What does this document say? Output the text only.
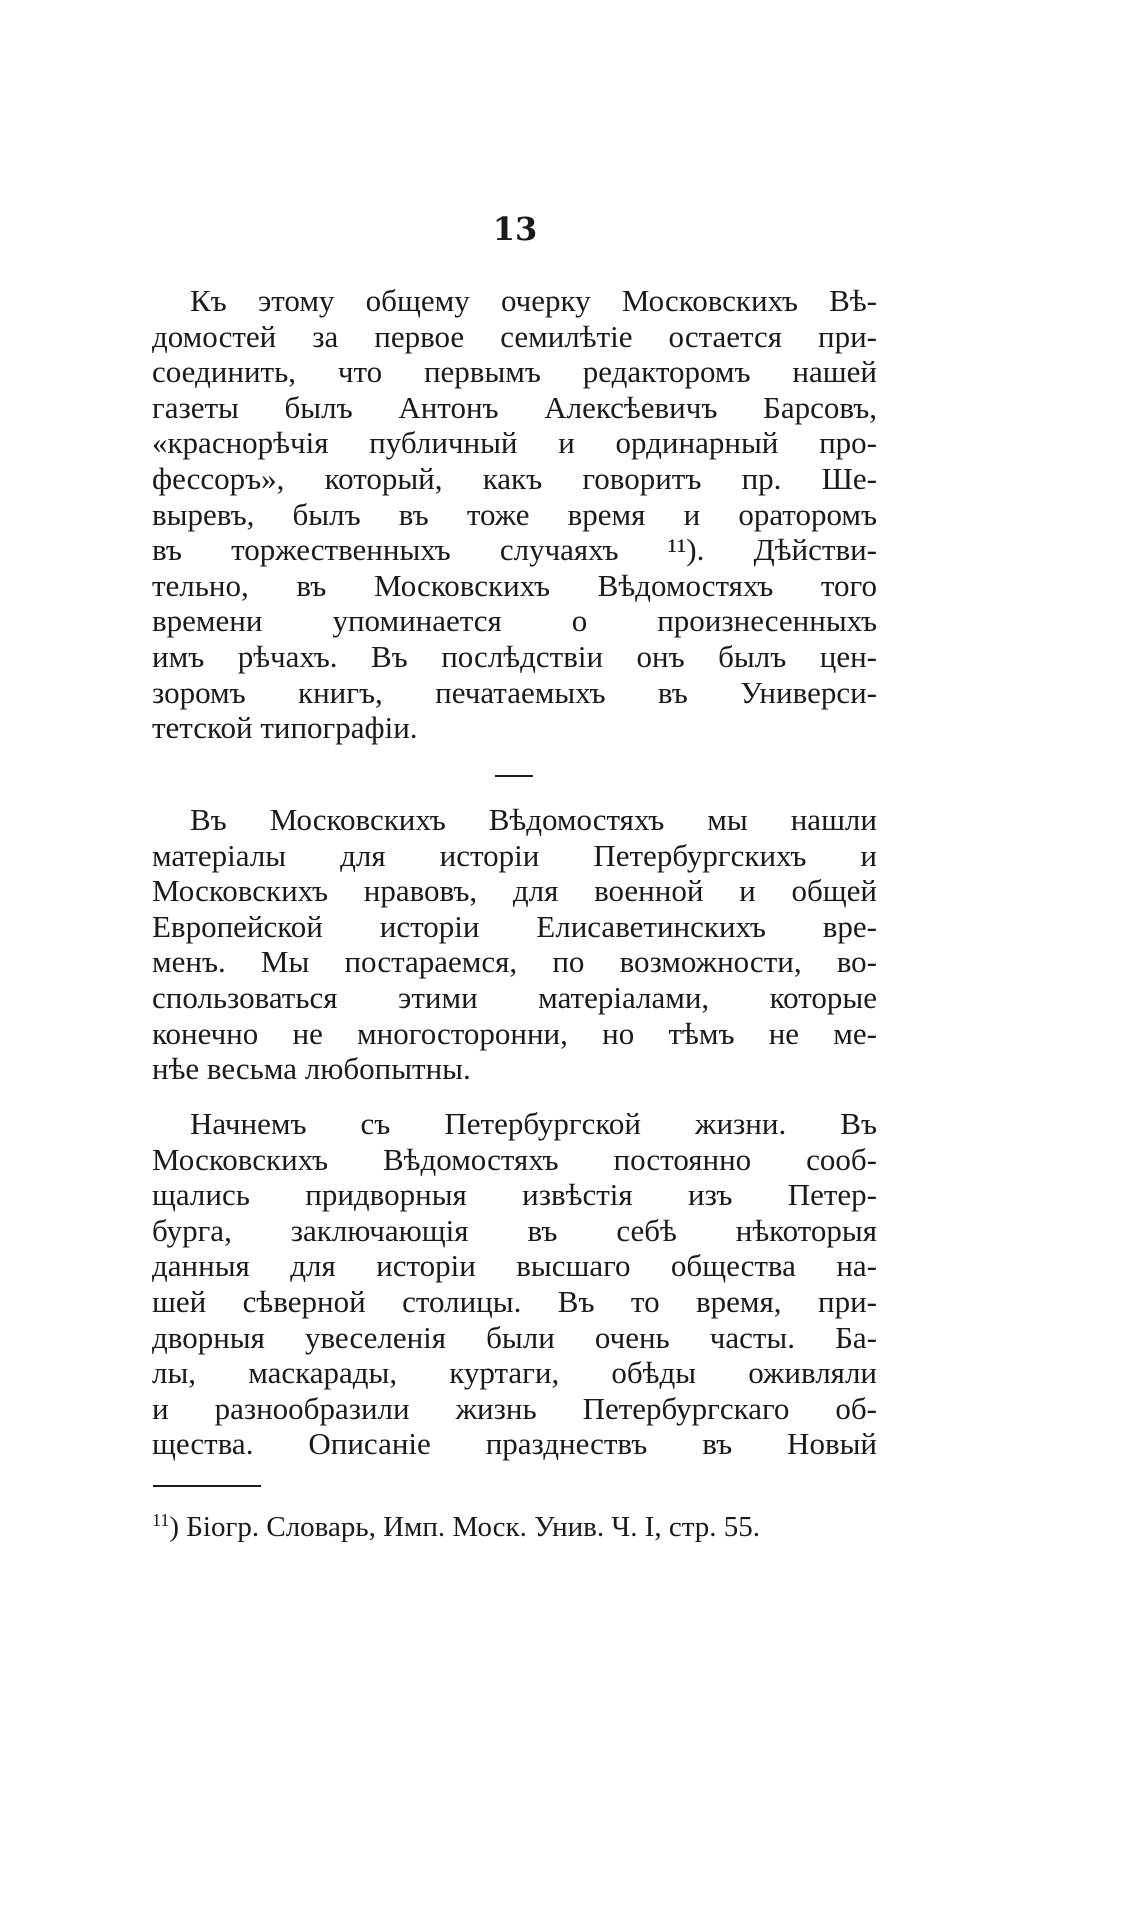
13
Къ этому общему очерку Московскихъ Вѣ-
домостей за первое семилѣтіе остается при-
соединить, что первымъ редакторомъ нашей
газеты былъ Антонъ Алексѣевичъ Барсовъ,
«краснорѣчія публичный и ординарный про-
фессоръ», который, какъ говоритъ пр. Ше-
выревъ, былъ въ тоже время и ораторомъ
въ торжественныхъ случаяхъ ¹¹). Дѣйстви-
тельно, въ Московскихъ Вѣдомостяхъ того
времени упоминается о произнесенныхъ
имъ рѣчахъ. Въ послѣдствіи онъ былъ цен-
зоромъ книгъ, печатаемыхъ въ Универси-
тетской типографіи.
Въ Московскихъ Вѣдомостяхъ мы нашли
матеріалы для исторіи Петербургскихъ и
Московскихъ нравовъ, для военной и общей
Европейской исторіи Елисаветинскихъ вре-
менъ. Мы постараемся, по возможности, во-
спользоваться этими матеріалами, которые
конечно не многосторонни, но тѣмъ не ме-
нѣе весьма любопытны.
Начнемъ съ Петербургской жизни. Въ
Московскихъ Вѣдомостяхъ постоянно сооб-
щались придворныя извѣстія изъ Петер-
бурга, заключающія въ себѣ нѣкоторыя
данныя для исторіи высшаго общества на-
шей сѣверной столицы. Въ то время, при-
дворныя увеселенія были очень часты. Ба-
лы, маскарады, куртаги, обѣды оживляли
и разнообразили жизнь Петербургскаго об-
щества. Описаніе празднествъ въ Новый
$^{11}$) Біогр. Словарь, Имп. Моск. Унив. Ч. I, стр. 55.
